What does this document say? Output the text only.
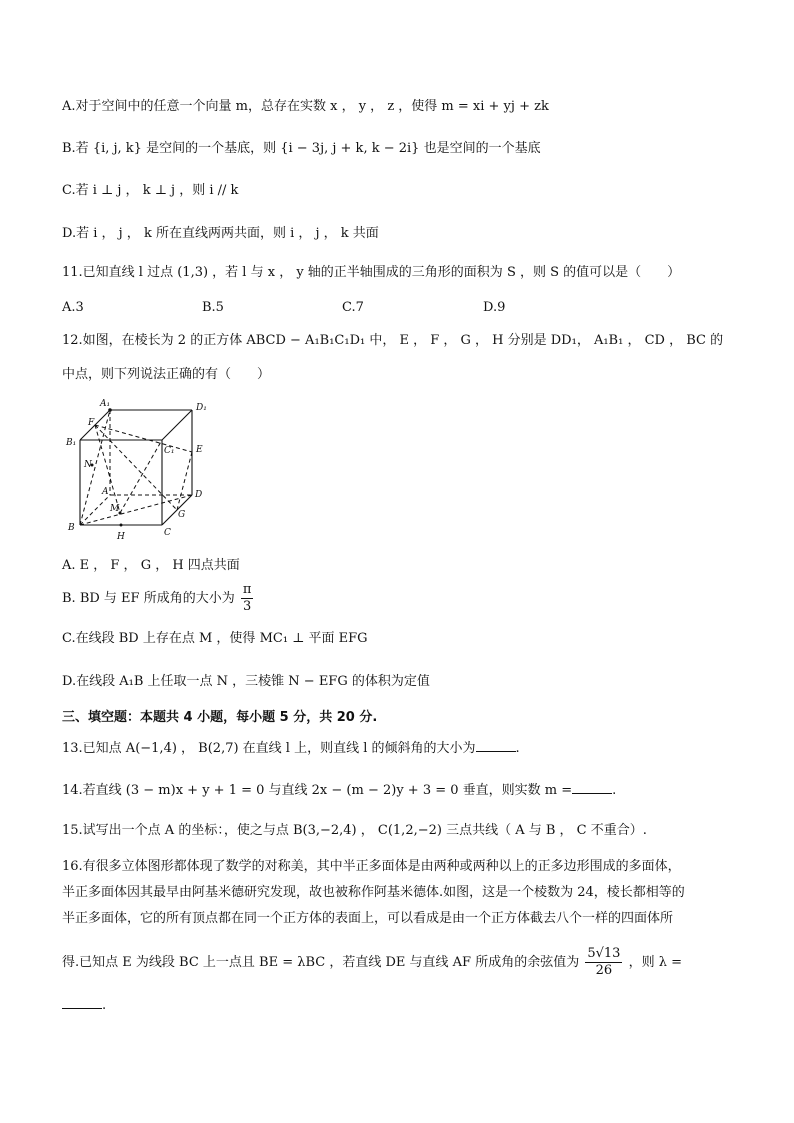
A.对于空间中的任意一个向量 m，总存在实数 x ， y ， z ，使得 m = xi + yj + zk
B.若 {i, j, k} 是空间的一个基底，则 {i − 3j, j + k, k − 2i} 也是空间的一个基底
C.若 i ⊥ j ， k ⊥ j ，则 i // k
D.若 i ， j ， k 所在直线两两共面，则 i ， j ， k 共面
11.已知直线 l 过点 (1,3) ，若 l 与 x ， y 轴的正半轴围成的三角形的面积为 S ，则 S 的值可以是（　　）
A.3	B.5	C.7	D.9
12.如图，在棱长为 2 的正方体 ABCD − A₁B₁C₁D₁ 中， E ， F ， G ， H 分别是 DD₁， A₁B₁ ， CD ， BC 的
中点，则下列说法正确的有（　　）
A₁	D₁
B₁
C₁
F
E
N
A
M
D
G
B	C
H
A. E ， F ， G ， H 四点共面
B. BD 与 EF 所成角的大小为 $\frac{\pi}{3}$
C.在线段 BD 上存在点 M ，使得 MC₁ ⊥ 平面 EFG
D.在线段 A₁B 上任取一点 N ，三棱锥 N − EFG 的体积为定值
三、填空题：本题共 4 小题，每小题 5 分，共 20 分.
13.已知点 A(−1,4) ， B(2,7) 在直线 l 上，则直线 l 的倾斜角的大小为	.
14.若直线 (3 − m)x + y + 1 = 0 与直线 2x − (m − 2)y + 3 = 0 垂直，则实数 m =	.
15.试写出一个点 A 的坐标：，使之与点 B(3,−2,4) ， C(1,2,−2) 三点共线（ A 与 B ， C 不重合）.
16.有很多立体图形都体现了数学的对称美，其中半正多面体是由两种或两种以上的正多边形围成的多面体，
半正多面体因其最早由阿基米德研究发现，故也被称作阿基米德体.如图，这是一个棱数为 24，棱长都相等的
半正多面体，它的所有顶点都在同一个正方体的表面上，可以看成是由一个正方体截去八个一样的四面体所
得.已知点 E 为线段 BC 上一点且 BE = λBC ，若直线 DE 与直线 AF 所成角的余弦值为 $\frac{5√13}{26}$ ，则 λ =
.
